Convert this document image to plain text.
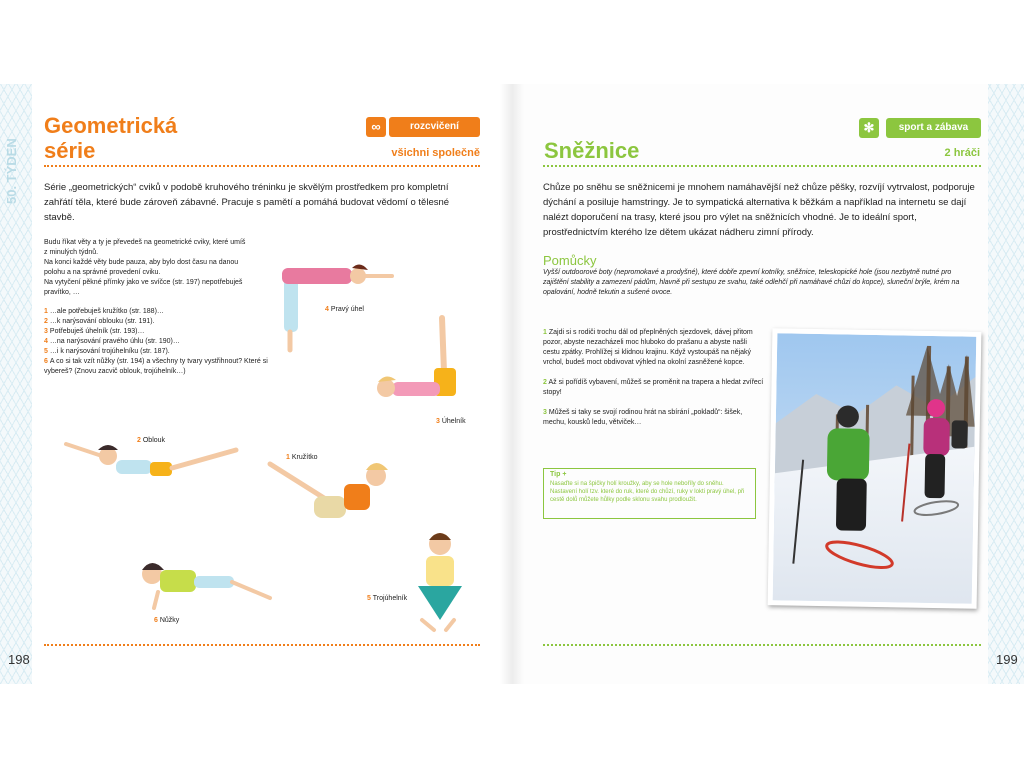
50. TÝDEN
Geometrická
série
∞	rozcvičení
všichni společně
Série „geometrických“ cviků v podobě kruhového tréninku je skvělým prostředkem pro kompletní zahřátí těla, které bude zároveň zábavné. Pracuje s pamětí a pomáhá budovat vědomí o tělesné stavbě.
Budu říkat věty a ty je převedeš na geometrické cviky, které umíš
z minulých týdnů.
Na konci každé věty bude pauza, aby bylo dost času na danou
polohu a na správné provedení cviku.
Na vytyčení pěkné přímky jako ve svíčce (str. 197) nepotřebuješ
pravítko, …
1 …ale potřebuješ kružítko (str. 188)…
2 …k narýsování oblouku (str. 191).
3 Potřebuješ úhelník (str. 193)…
4 …na narýsování pravého úhlu (str. 190)…
5 …i k narýsování trojúhelníku (str. 187).
6 A co si tak vzít nůžky (str. 194) a všechny ty tvary vystřihnout? Které si vybereš? (Znovu zacvič oblouk, trojúhelník…)
4 Pravý úhel
3 Úhelník
2 Oblouk
1 Kružítko
6 Nůžky
5 Trojúhelník
198
✻	sport a zábava
Sněžnice	2 hráči
Chůze po sněhu se sněžnicemi je mnohem namáhavější než chůze pěšky, rozvíjí vytrvalost, podporuje dýchání a posiluje hamstringy. Je to sympatická alternativa k běžkám a například na internetu se dají nalézt doporučení na trasy, které jsou pro výlet na sněžnicích vhodné. Je to ideální sport, prostřednictvím kterého lze dětem ukázat nádheru zimní přírody.
Pomůcky
Vyšší outdoorové boty (nepromokavé a prodyšné), které dobře zpevní kotníky, sněžnice, teleskopické hole (jsou nezbytně nutné pro zajištění stability a zamezení pádům, hlavně při sestupu ze svahu, také odlehčí při namáhavé chůzi do kopce), sluneční brýle, krém na opalování, hodně tekutin a sušené ovoce.

1 Zajdi si s rodiči trochu dál od přeplněných sjezdovek, dávej přitom pozor, abyste nezacházeli moc hluboko do prašanu a abyste našli cestu zpátky. Prohlížej si klidnou krajinu. Když vystoupáš na nějaký vrchol, budeš moct obdivovat výhled na okolní zasněžené kopce.

2 Až si pořídíš vybavení, můžeš se proměnit na trapera a hledat zvířecí stopy!

3 Můžeš si taky se svojí rodinou hrát na sbírání „pokladů“: šišek, mechu, kousků ledu, větviček…

Tip +
Nasaďte si na špičky holí kroužky, aby se hole neboříly do sněhu. Nastavení holí tzv. které do ruk, které do chůzí, ruky v lokti pravý úhel, při cestě dolů můžete hůlky podle sklonu svahu prodloužit.
199
